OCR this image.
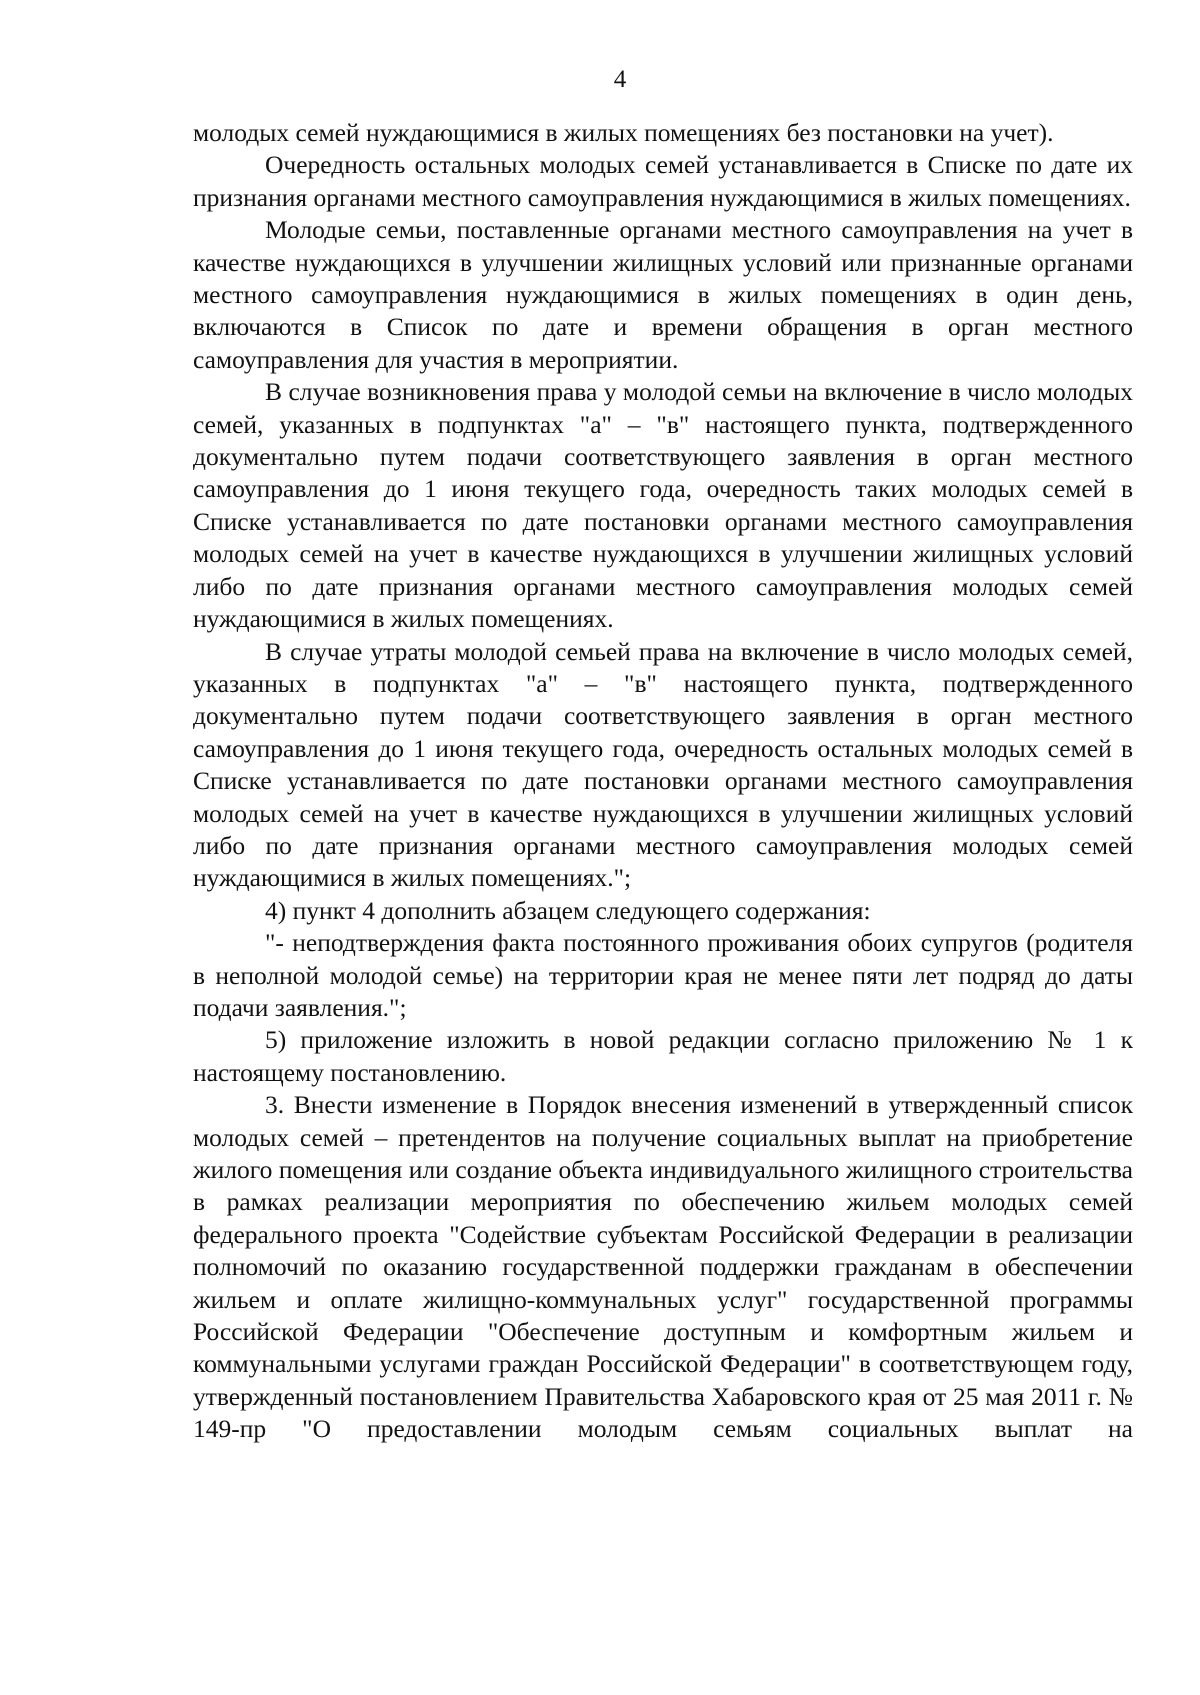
4

молодых семей нуждающимися в жилых помещениях без постановки на учет).

Очередность остальных молодых семей устанавливается в Списке по дате их признания органами местного самоуправления нуждающимися в жилых помещениях.

Молодые семьи, поставленные органами местного самоуправления на учет в качестве нуждающихся в улучшении жилищных условий или признанные органами местного самоуправления нуждающимися в жилых помещениях в один день, включаются в Список по дате и времени обращения в орган местного самоуправления для участия в мероприятии.

В случае возникновения права у молодой семьи на включение в число молодых семей, указанных в подпунктах "а" – "в" настоящего пункта, подтвержденного документально путем подачи соответствующего заявления в орган местного самоуправления до 1 июня текущего года, очередность таких молодых семей в Списке устанавливается по дате постановки органами местного самоуправления молодых семей на учет в качестве нуждающихся в улучшении жилищных условий либо по дате признания органами местного самоуправления молодых семей нуждающимися в жилых помещениях.

В случае утраты молодой семьей права на включение в число молодых семей, указанных в подпунктах "а" – "в" настоящего пункта, подтвержденного документально путем подачи соответствующего заявления в орган местного самоуправления до 1 июня текущего года, очередность остальных молодых семей в Списке устанавливается по дате постановки органами местного самоуправления молодых семей на учет в качестве нуждающихся в улучшении жилищных условий либо по дате признания органами местного самоуправления молодых семей нуждающимися в жилых помещениях.";

4) пункт 4 дополнить абзацем следующего содержания:

"- неподтверждения факта постоянного проживания обоих супругов (родителя в неполной молодой семье) на территории края не менее пяти лет подряд до даты подачи заявления.";

5) приложение изложить в новой редакции согласно приложению № 1 к настоящему постановлению.

3. Внести изменение в Порядок внесения изменений в утвержденный список молодых семей – претендентов на получение социальных выплат на приобретение жилого помещения или создание объекта индивидуального жилищного строительства в рамках реализации мероприятия по обеспечению жильем молодых семей федерального проекта "Содействие субъектам Российской Федерации в реализации полномочий по оказанию государственной поддержки гражданам в обеспечении жильем и оплате жилищно-коммунальных услуг" государственной программы Российской Федерации "Обеспечение доступным и комфортным жильем и коммунальными услугами граждан Российской Федерации" в соответствующем году, утвержденный постановлением Правительства Хабаровского края от 25 мая 2011 г. № 149-пр "О предоставлении молодым семьям социальных выплат на
